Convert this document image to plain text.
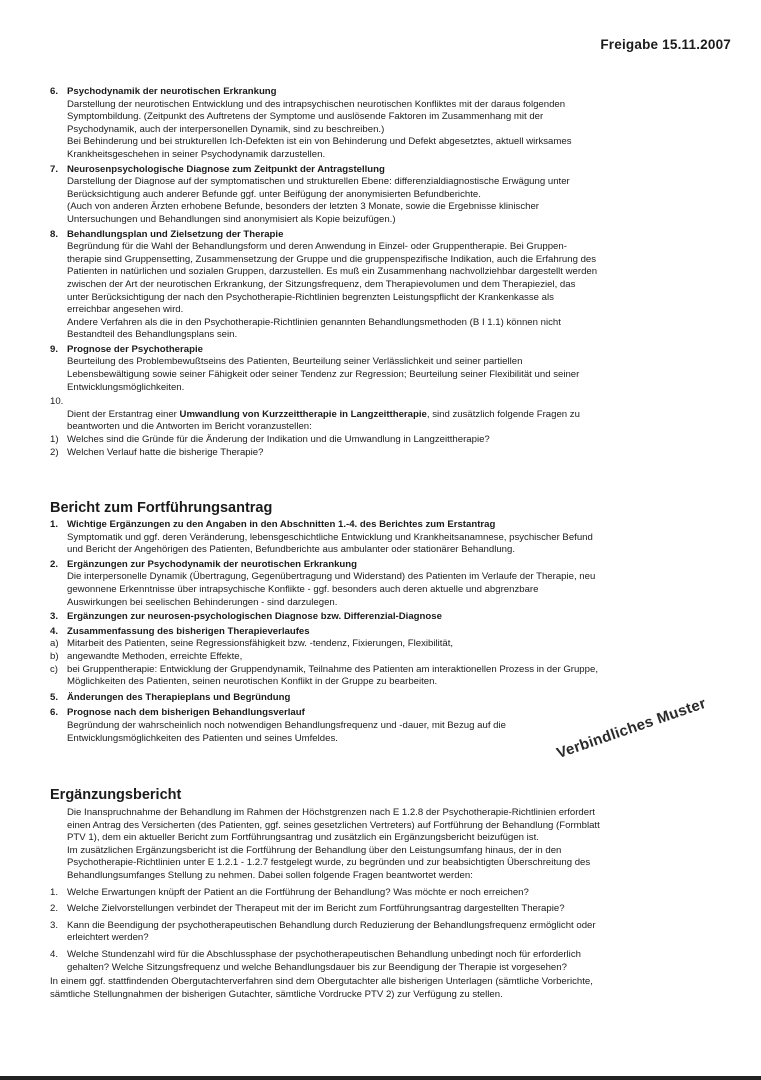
Freigabe 15.11.2007
6. Psychodynamik der neurotischen Erkrankung
Darstellung der neurotischen Entwicklung und des intrapsychischen neurotischen Konfliktes mit der daraus folgenden
Symptombildung. (Zeitpunkt des Auftretens der Symptome und auslösende Faktoren im Zusammenhang mit der
Psychodynamik, auch der interpersonellen Dynamik, sind zu beschreiben.)
Bei Behinderung und bei strukturellen Ich-Defekten ist ein von Behinderung und Defekt abgesetztes, aktuell wirksames
Krankheitsgeschehen in seiner Psychodynamik darzustellen.
7. Neurosenpsychologische Diagnose zum Zeitpunkt der Antragstellung
Darstellung der Diagnose auf der symptomatischen und strukturellen Ebene: differenzialdiagnostische Erwägung unter
Berücksichtigung auch anderer Befunde ggf. unter Beifügung der anonymisierten Befundberichte.
(Auch von anderen Ärzten erhobene Befunde, besonders der letzten 3 Monate, sowie die Ergebnisse klinischer
Untersuchungen und Behandlungen sind anonymisiert als Kopie beizufügen.)
8. Behandlungsplan und Zielsetzung der Therapie
Begründung für die Wahl der Behandlungsform und deren Anwendung in Einzel- oder Gruppentherapie. Bei Gruppen-
therapie sind Gruppensetting, Zusammensetzung der Gruppe und die gruppenspezifische Indikation, auch die Erfahrung des
Patienten in natürlichen und sozialen Gruppen, darzustellen. Es muß ein Zusammenhang nachvollziehbar dargestellt werden
zwischen der Art der neurotischen Erkrankung, der Sitzungsfrequenz, dem Therapievolumen und dem Therapieziel, das
unter Berücksichtigung der nach den Psychotherapie-Richtlinien begrenzten Leistungspflicht der Krankenkasse als
erreichbar angesehen wird.
Andere Verfahren als die in den Psychotherapie-Richtlinien genannten Behandlungsmethoden (B I 1.1) können nicht
Bestandteil des Behandlungsplans sein.
9. Prognose der Psychotherapie
Beurteilung des Problembewußtseins des Patienten, Beurteilung seiner Verlässlichkeit und seiner partiellen
Lebensbewältigung sowie seiner Fähigkeit oder seiner Tendenz zur Regression; Beurteilung seiner Flexibilität und seiner
Entwicklungsmöglichkeiten.
10.

Dient der Erstantrag einer Umwandlung von Kurzzeittherapie in Langzeittherapie, sind zusätzlich folgende Fragen zu
beantworten und die Antworten im Bericht voranzustellen:

1) Welches sind die Gründe für die Änderung der Indikation und die Umwandlung in Langzeittherapie?
2) Welchen Verlauf hatte die bisherige Therapie?
Bericht zum Fortführungsantrag
1. Wichtige Ergänzungen zu den Angaben in den Abschnitten 1.-4. des Berichtes zum Erstantrag
Symptomatik und ggf. deren Veränderung, lebensgeschichtliche Entwicklung und Krankheitsanamnese, psychischer Befund
und Bericht der Angehörigen des Patienten, Befundberichte aus ambulanter oder stationärer Behandlung.
2. Ergänzungen zur Psychodynamik der neurotischen Erkrankung
Die interpersonelle Dynamik (Übertragung, Gegenübertragung und Widerstand) des Patienten im Verlaufe der Therapie, neu
gewonnene Erkenntnisse über intrapsychische Konflikte - ggf. besonders auch deren aktuelle und abgrenzbare
Auswirkungen bei seelischen Behinderungen - sind darzulegen.
3. Ergänzungen zur neurosen-psychologischen Diagnose bzw. Differenzial-Diagnose
4. Zusammenfassung des bisherigen Therapieverlaufes
a) Mitarbeit des Patienten, seine Regressionsfähigkeit bzw. -tendenz, Fixierungen, Flexibilität,
b) angewandte Methoden, erreichte Effekte,
c) bei Gruppentherapie: Entwicklung der Gruppendynamik, Teilnahme des Patienten am interaktionellen Prozess in der Gruppe,
Möglichkeiten des Patienten, seinen neurotischen Konflikt in der Gruppe zu bearbeiten.
5. Änderungen des Therapieplans und Begründung
6. Prognose nach dem bisherigen Behandlungsverlauf
Begründung der wahrscheinlich noch notwendigen Behandlungsfrequenz und -dauer, mit Bezug auf die
Entwicklungsmöglichkeiten des Patienten und seines Umfeldes.	Verbindliches Muster
Ergänzungsbericht
Die Inanspruchnahme der Behandlung im Rahmen der Höchstgrenzen nach E 1.2.8 der Psychotherapie-Richtlinien erfordert
einen Antrag des Versicherten (des Patienten, ggf. seines gesetzlichen Vertreters) auf Fortführung der Behandlung (Formblatt
PTV 1), dem ein aktueller Bericht zum Fortführungsantrag und zusätzlich ein Ergänzungsbericht beizufügen ist.
Im zusätzlichen Ergänzungsbericht ist die Fortführung der Behandlung über den Leistungsumfang hinaus, der in den
Psychotherapie-Richtlinien unter E 1.2.1 - 1.2.7 festgelegt wurde, zu begründen und zur beabsichtigten Überschreitung des
Behandlungsumfanges Stellung zu nehmen. Dabei sollen folgende Fragen beantwortet werden:
1. Welche Erwartungen knüpft der Patient an die Fortführung der Behandlung? Was möchte er noch erreichen?
2. Welche Zielvorstellungen verbindet der Therapeut mit der im Bericht zum Fortführungsantrag dargestellten Therapie?
3. Kann die Beendigung der psychotherapeutischen Behandlung durch Reduzierung der Behandlungsfrequenz ermöglicht oder
erleichtert werden?
4. Welche Stundenzahl wird für die Abschlussphase der psychotherapeutischen Behandlung unbedingt noch für erforderlich
gehalten? Welche Sitzungsfrequenz und welche Behandlungsdauer bis zur Beendigung der Therapie ist vorgesehen?
In einem ggf. stattfindenden Obergutachterverfahren sind dem Obergutachter alle bisherigen Unterlagen (sämtliche Vorberichte,
sämtliche Stellungnahmen der bisherigen Gutachter, sämtliche Vordrucke PTV 2) zur Verfügung zu stellen.
